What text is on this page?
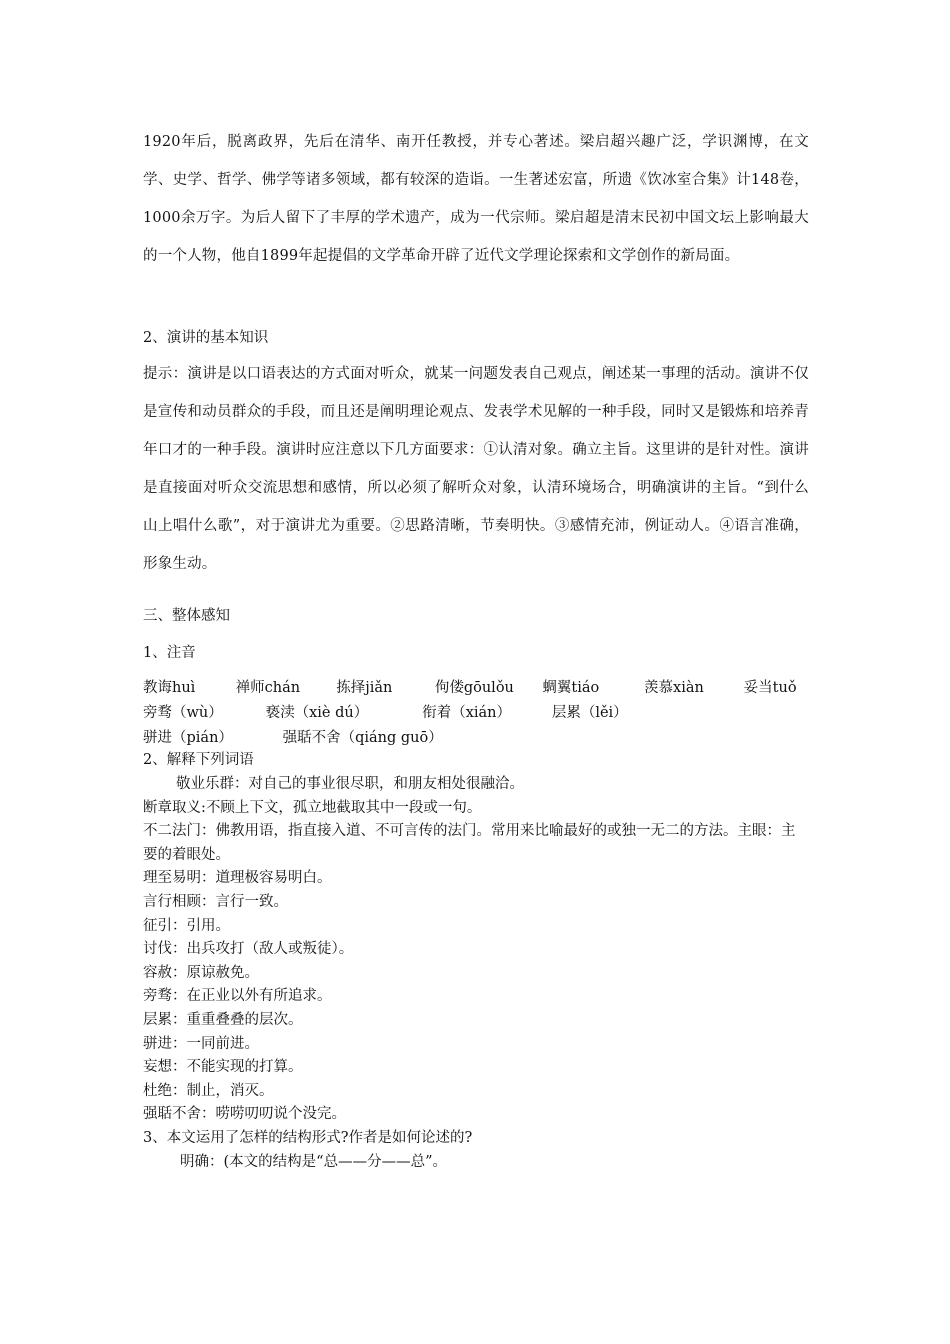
1920年后，脱离政界，先后在清华、南开任教授，并专心著述。梁启超兴趣广泛，学识渊博，在文学、史学、哲学、佛学等诸多领域，都有较深的造诣。一生著述宏富，所遗《饮冰室合集》计148卷，1000余万字。为后人留下了丰厚的学术遗产，成为一代宗师。梁启超是清末民初中国文坛上影响最大的一个人物，他自1899年起提倡的文学革命开辟了近代文学理论探索和文学创作的新局面。
2、演讲的基本知识
提示：演讲是以口语表达的方式面对听众，就某一问题发表自己观点，阐述某一事理的活动。演讲不仅是宣传和动员群众的手段，而且还是阐明理论观点、发表学术见解的一种手段，同时又是锻炼和培养青年口才的一种手段。演讲时应注意以下几方面要求：①认清对象。确立主旨。这里讲的是针对性。演讲是直接面对听众交流思想和感情，所以必须了解听众对象，认清环境场合，明确演讲的主旨。“到什么山上唱什么歌”，对于演讲尤为重要。②思路清晰，节奏明快。③感情充沛，例证动人。④语言准确，形象生动。
三、整体感知
1、注音
教诲huì	禅师chán 拣择jiǎn	佝偻gōulǒu 蜩翼tiáo	羡慕xiàn	妥当tuǒ
旁骛（wù）	亵渎（xiè dú）	衔着（xián）	层累（lěi）
骈进（pián）	强聒不舍（qiáng guō）
2、解释下列词语
敬业乐群：对自己的事业很尽职，和朋友相处很融洽。
断章取义:不顾上下文，孤立地截取其中一段或一句。
不二法门：佛教用语，指直接入道、不可言传的法门。常用来比喻最好的或独一无二的方法。主眼：主要的着眼处。
理至易明：道理极容易明白。
言行相顾：言行一致。
征引：引用。
讨伐：出兵攻打（敌人或叛徒）。
容赦：原谅赦免。
旁骛：在正业以外有所追求。
层累：重重叠叠的层次。
骈进：一同前进。
妄想：不能实现的打算。
杜绝：制止，消灭。
强聒不舍：唠唠叨叨说个没完。
3、本文运用了怎样的结构形式?作者是如何论述的?
明确：(本文的结构是“总——分——总”。
